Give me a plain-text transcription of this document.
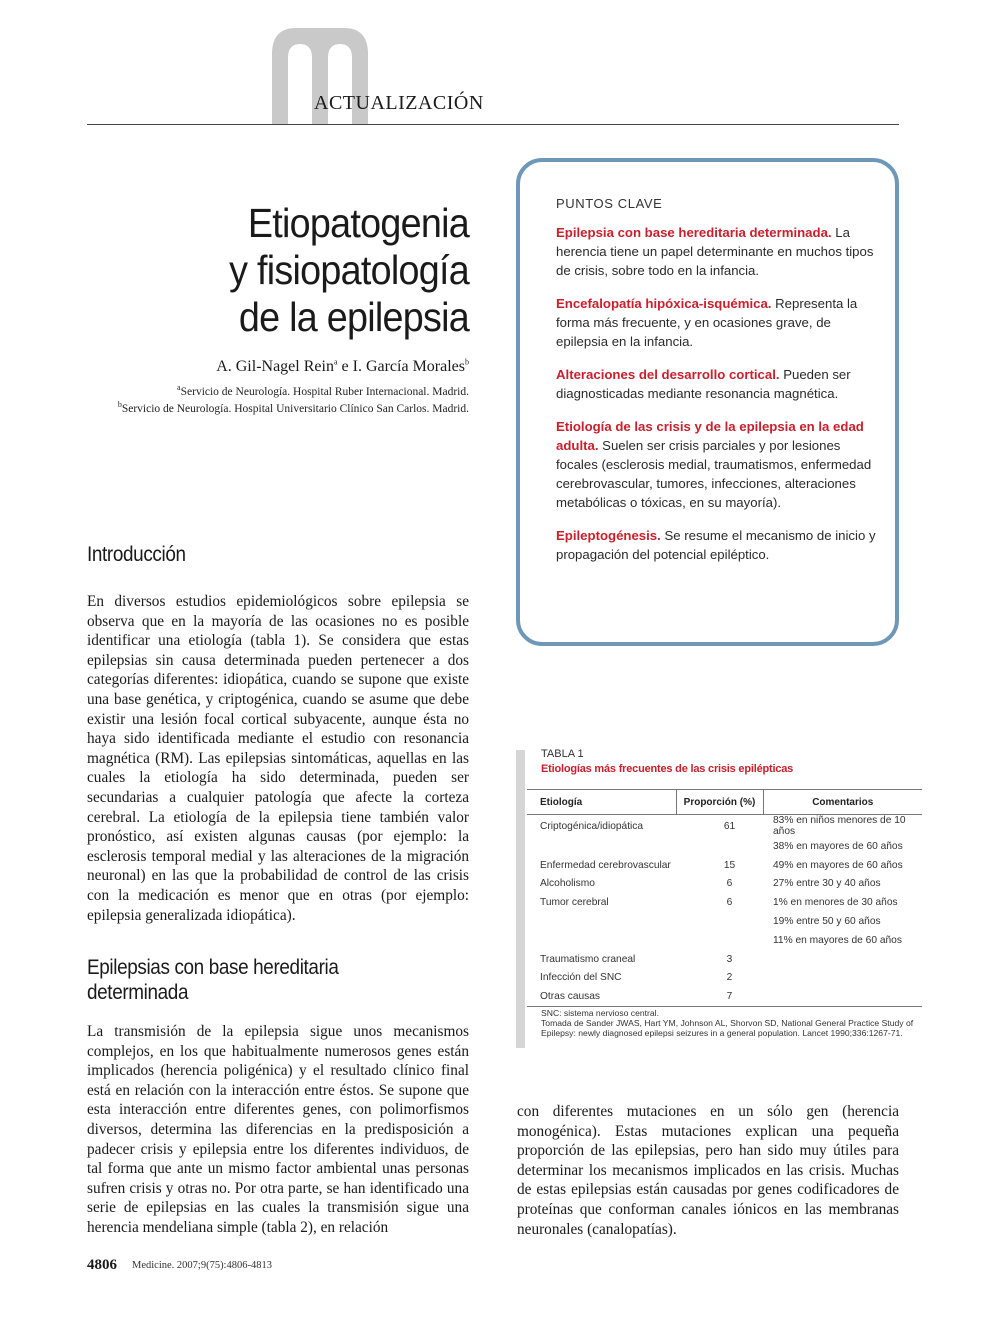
ACTUALIZACIÓN
Etiopatogenia
y fisiopatología
de la epilepsia
A. Gil-Nagel Rein$^a$ e I. García Morales$^b$
$^a$Servicio de Neurología. Hospital Ruber Internacional. Madrid.
$^b$Servicio de Neurología. Hospital Universitario Clínico San Carlos. Madrid.
PUNTOS CLAVE
Epilepsia con base hereditaria determinada. La herencia tiene un papel determinante en muchos tipos de crisis, sobre todo en la infancia.
Encefalopatía hipóxica-isquémica. Representa la forma más frecuente, y en ocasiones grave, de epilepsia en la infancia.
Alteraciones del desarrollo cortical. Pueden ser diagnosticadas mediante resonancia magnética.
Etiología de las crisis y de la epilepsia en la edad adulta. Suelen ser crisis parciales y por lesiones focales (esclerosis medial, traumatismos, enfermedad cerebrovascular, tumores, infecciones, alteraciones metabólicas o tóxicas, en su mayoría).
Epileptogénesis. Se resume el mecanismo de inicio y propagación del potencial epiléptico.
Introducción

En diversos estudios epidemiológicos sobre epilepsia se observa que en la mayoría de las ocasiones no es posible identificar una etiología (tabla 1). Se considera que estas epilepsias sin causa determinada pueden pertenecer a dos categorías diferentes: idiopática, cuando se supone que existe una base genética, y criptogénica, cuando se asume que debe existir una lesión focal cortical subyacente, aunque ésta no haya sido identificada mediante el estudio con resonancia magnética (RM). Las epilepsias sintomáticas, aquellas en las cuales la etiología ha sido determinada, pueden ser secundarias a cualquier patología que afecte la corteza cerebral. La etiología de la epilepsia tiene también valor pronóstico, así existen algunas causas (por ejemplo: la esclerosis temporal medial y las alteraciones de la migración neuronal) en las que la probabilidad de control de las crisis con la medicación es menor que en otras (por ejemplo: epilepsia generalizada idiopática).

Epilepsias con base hereditaria
determinada

La transmisión de la epilepsia sigue unos mecanismos complejos, en los que habitualmente numerosos genes están implicados (herencia poligénica) y el resultado clínico final está en relación con la interacción entre éstos. Se supone que esta interacción entre diferentes genes, con polimorfismos diversos, determina las diferencias en la predisposición a padecer crisis y epilepsia entre los diferentes individuos, de tal forma que ante un mismo factor ambiental unas personas sufren crisis y otras no. Por otra parte, se han identificado una serie de epilepsias en las cuales la transmisión sigue una herencia mendeliana simple (tabla 2), en relación

TABLA 1
Etiologías más frecuentes de las crisis epilépticas
Etiología	Proporción (%)	Comentarios
Criptogénica/idiopática	61	83% en niños menores de 10 años
		38% en mayores de 60 años
Enfermedad cerebrovascular	15	49% en mayores de 60 años
Alcoholismo	6	27% entre 30 y 40 años
Tumor cerebral	6	1% en menores de 30 años
		19% entre 50 y 60 años
		11% en mayores de 60 años
Traumatismo craneal	3	
Infección del SNC	2	
Otras causas	7	
SNC: sistema nervioso central.
Tomada de Sander JWAS, Hart YM, Johnson AL, Shorvon SD, National General Practice Study of Epilepsy: newly diagnosed epilepsi seizures in a general population. Lancet 1990;336:1267-71.

con diferentes mutaciones en un sólo gen (herencia monogénica). Estas mutaciones explican una pequeña proporción de las epilepsias, pero han sido muy útiles para determinar los mecanismos implicados en las crisis. Muchas de estas epilepsias están causadas por genes codificadores de proteínas que conforman canales iónicos en las membranas neuronales (canalopatías).

4806 Medicine. 2007;9(75):4806-4813
